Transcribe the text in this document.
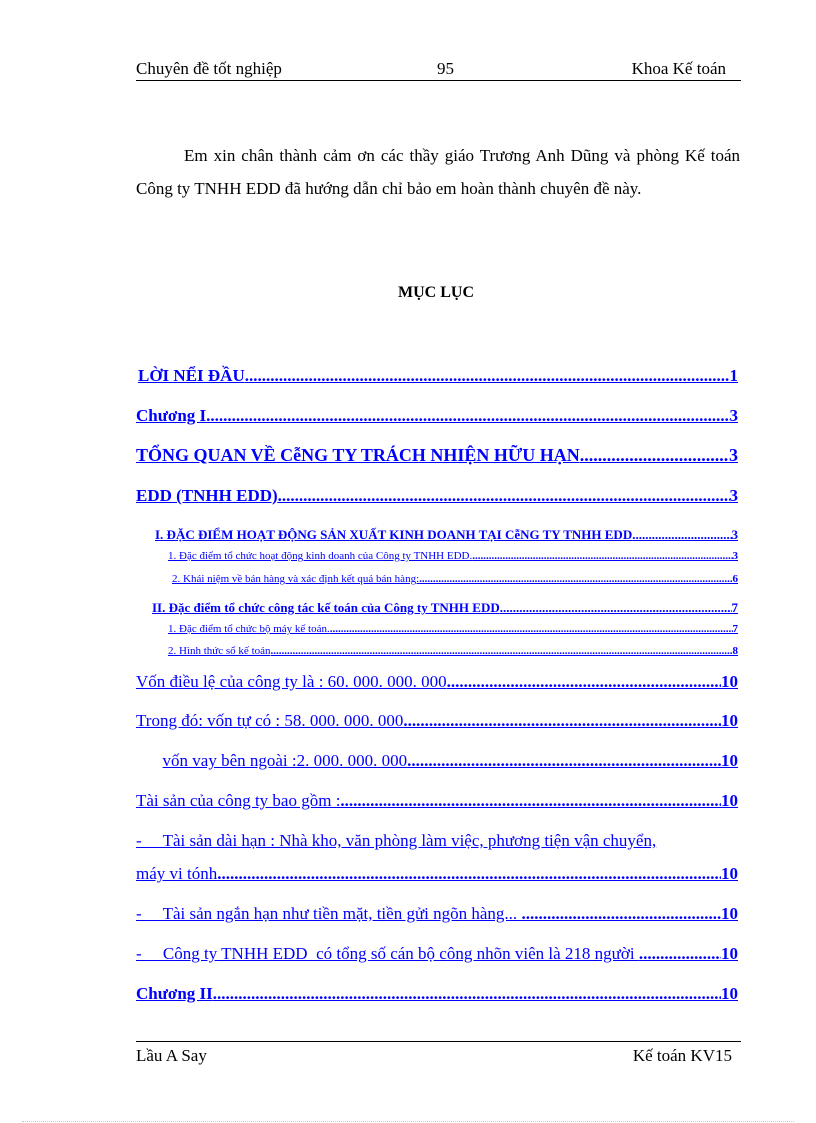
Chuyên đề tốt nghiệp	95	Khoa Kế toán

Em xin chân thành cảm ơn các thầy giáo Trương Anh Dũng và phòng Kế toán Công ty TNHH EDD đã hướng dẫn chỉ bảo em hoàn thành chuyên đề này.

MỤC LỤC
LỜI NỂI ĐẦU .....	1
Chương I .....	3
TỔNG QUAN VỀ CễNG TY TRÁCH NHIỆN HỮU HẠN .....	3
EDD (TNHH EDD) .....	3
I. ĐẶC ĐIỂM HOẠT ĐỘNG SẢN XUẤT KINH DOANH TẠI CễNG TY TNHH EDD .....	3
1. Đặc điểm tổ chức hoạt động kinh doanh của Công ty TNHH EDD. .....	3
2. Khái niệm về bán hàng và xác định kết quả bán hàng: .....	6
II. Đặc điểm tổ chức công tác kế toán của Công ty TNHH EDD .....	7
1. Đặc điểm tổ chức bộ máy kế toán. .....	7
2. Hình thức sổ kế toán .....	8
Vốn điều lệ của công ty là : 60. 000. 000. 000 .....	10
Trong đó: vốn tự có : 58. 000. 000. 000 .....	10
vốn vay bên ngoài :2. 000. 000. 000 .....	10
Tài sản của công ty bao gồm : .....	10
-     Tài sản dài hạn : Nhà kho, văn phòng làm việc, phương tiện vận chuyển,
máy vi tónh .....	10
-     Tài sản ngắn hạn như tiền mặt, tiền gửi ngõn hàng... .....	10
-     Công ty TNHH EDD  có tổng số cán bộ công nhõn viên là 218 người .....	10
Chương II .....	10
Lầu A Say	Kế toán KV15
